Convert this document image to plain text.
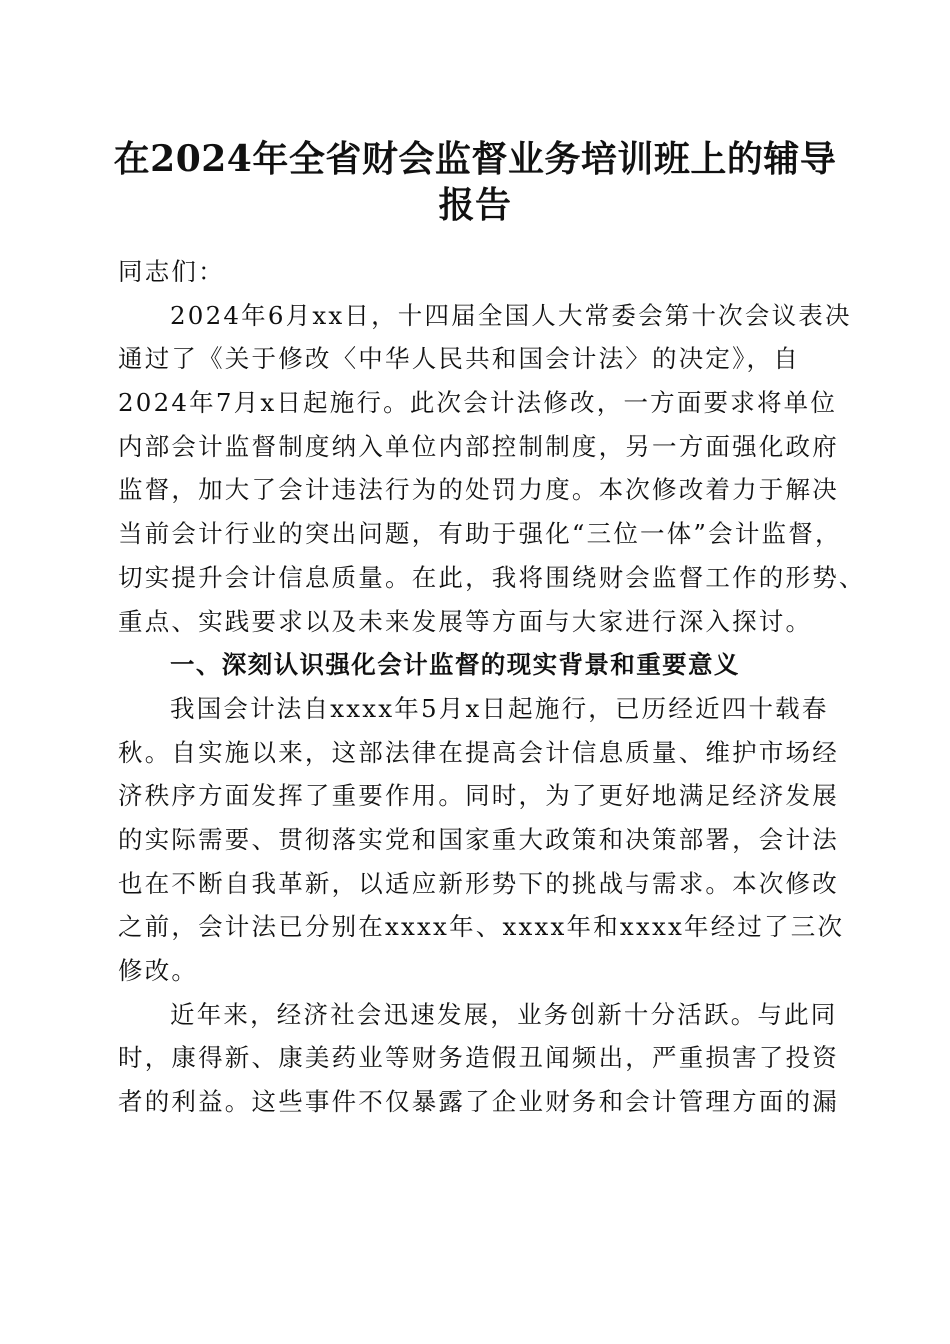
在2024年全省财会监督业务培训班上的辅导
报告
同志们：
2024年6月xx日，十四届全国人大常委会第十次会议表决
通过了《关于修改〈中华人民共和国会计法〉的决定》，自
2024年7月x日起施行。此次会计法修改，一方面要求将单位
内部会计监督制度纳入单位内部控制制度，另一方面强化政府
监督，加大了会计违法行为的处罚力度。本次修改着力于解决
当前会计行业的突出问题，有助于强化“三位一体”会计监督，
切实提升会计信息质量。在此，我将围绕财会监督工作的形势、
重点、实践要求以及未来发展等方面与大家进行深入探讨。
一、深刻认识强化会计监督的现实背景和重要意义
我国会计法自xxxx年5月x日起施行，已历经近四十载春
秋。自实施以来，这部法律在提高会计信息质量、维护市场经
济秩序方面发挥了重要作用。同时，为了更好地满足经济发展
的实际需要、贯彻落实党和国家重大政策和决策部署，会计法
也在不断自我革新，以适应新形势下的挑战与需求。本次修改
之前，会计法已分别在xxxx年、xxxx年和xxxx年经过了三次
修改。
近年来，经济社会迅速发展，业务创新十分活跃。与此同
时，康得新、康美药业等财务造假丑闻频出，严重损害了投资
者的利益。这些事件不仅暴露了企业财务和会计管理方面的漏
